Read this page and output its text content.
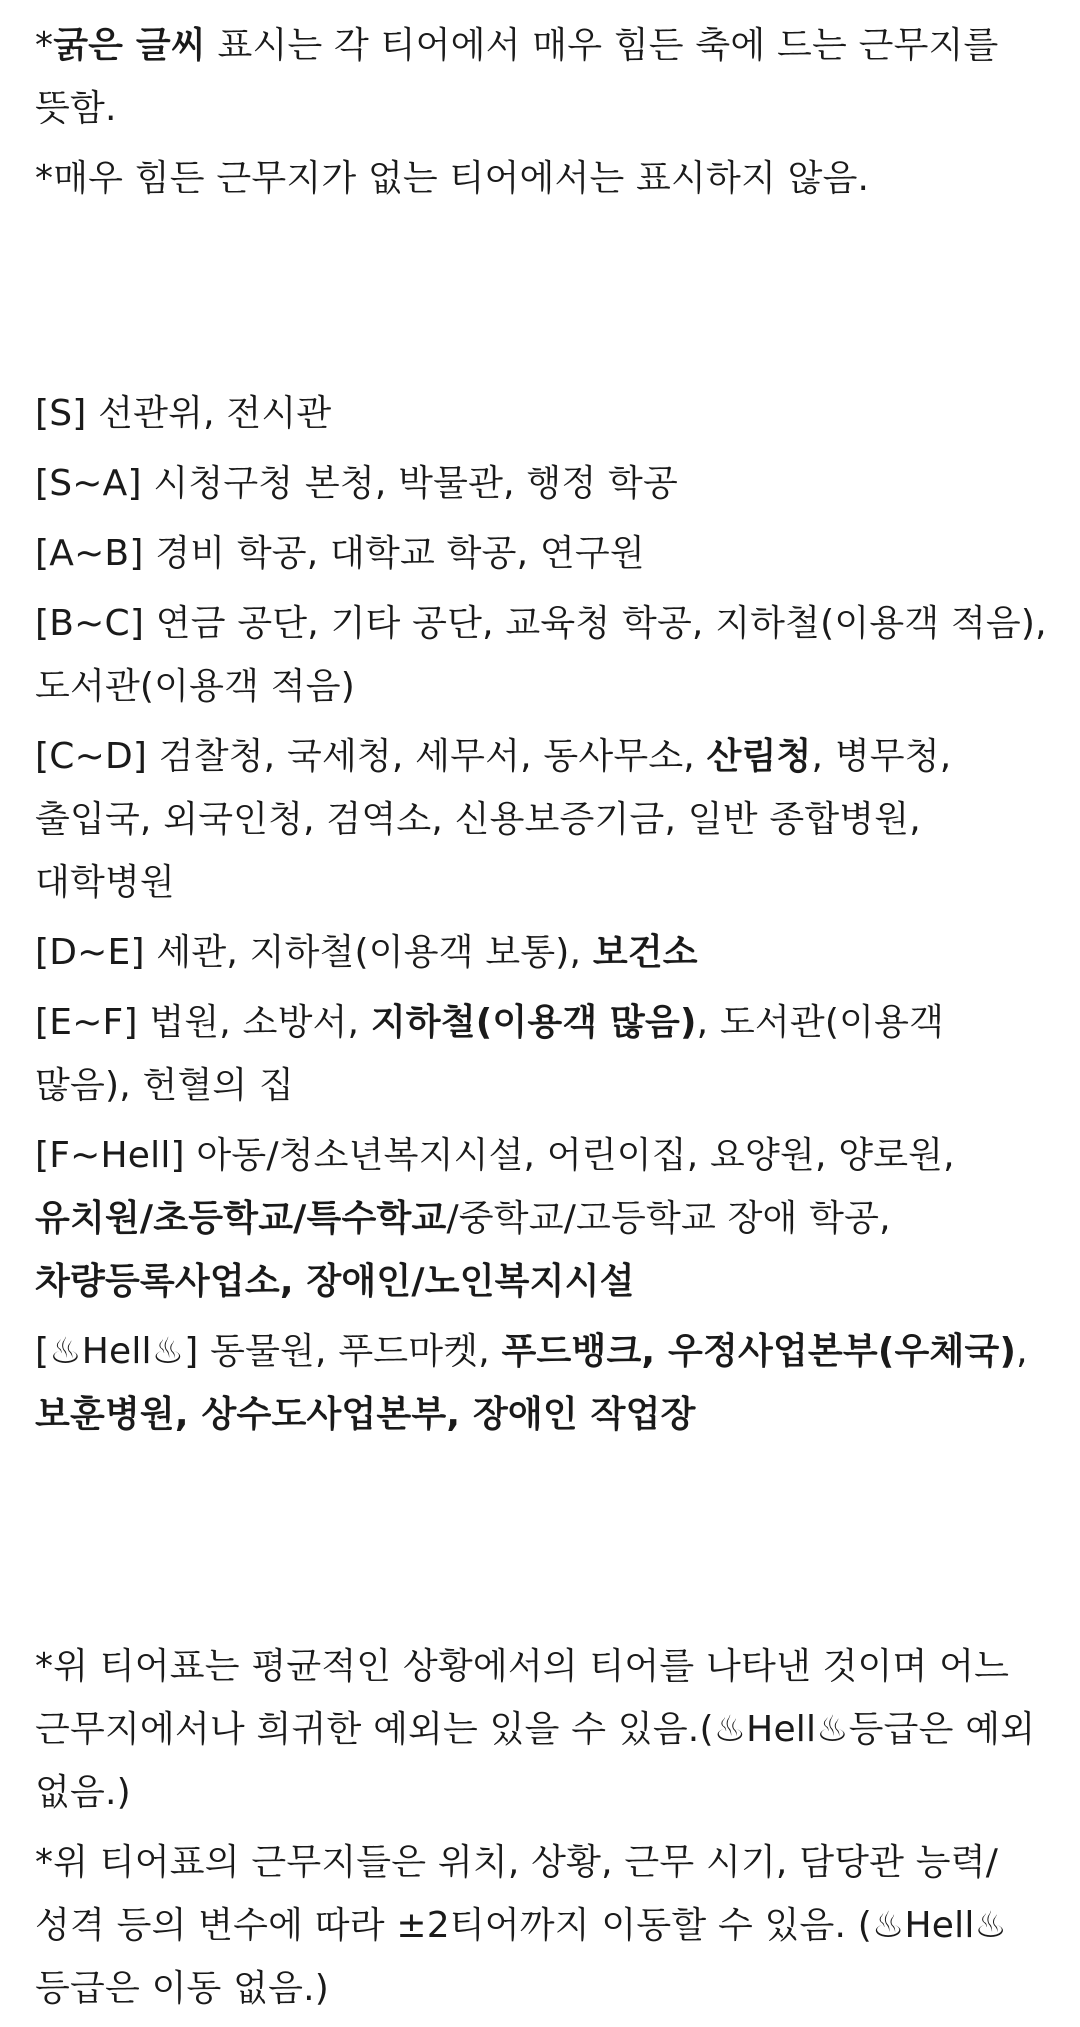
*굵은 글씨 표시는 각 티어에서 매우 힘든 축에 드는 근무지를 뜻함.

*매우 힘든 근무지가 없는 티어에서는 표시하지 않음.

[S] 선관위, 전시관

[S~A] 시청구청 본청, 박물관, 행정 학공

[A~B] 경비 학공, 대학교 학공, 연구원

[B~C] 연금 공단, 기타 공단, 교육청 학공, 지하철(이용객 적음), 도서관(이용객 적음)

[C~D] 검찰청, 국세청, 세무서, 동사무소, 산림청, 병무청, 출입국, 외국인청, 검역소, 신용보증기금, 일반 종합병원, 대학병원

[D~E] 세관, 지하철(이용객 보통), 보건소

[E~F] 법원, 소방서, 지하철(이용객 많음), 도서관(이용객 많음), 헌혈의 집

[F~Hell] 아동/청소년복지시설, 어린이집, 요양원, 양로원, 유치원/초등학교/특수학교/중학교/고등학교 장애 학공, 차량등록사업소, 장애인/노인복지시설

[♨Hell♨] 동물원, 푸드마켓, 푸드뱅크, 우정사업본부(우체국), 보훈병원, 상수도사업본부, 장애인 작업장

*위 티어표는 평균적인 상황에서의 티어를 나타낸 것이며 어느 근무지에서나 희귀한 예외는 있을 수 있음.(♨Hell♨등급은 예외 없음.)

*위 티어표의 근무지들은 위치, 상황, 근무 시기, 담당관 능력/성격 등의 변수에 따라 ±2티어까지 이동할 수 있음. (♨Hell♨등급은 이동 없음.)
